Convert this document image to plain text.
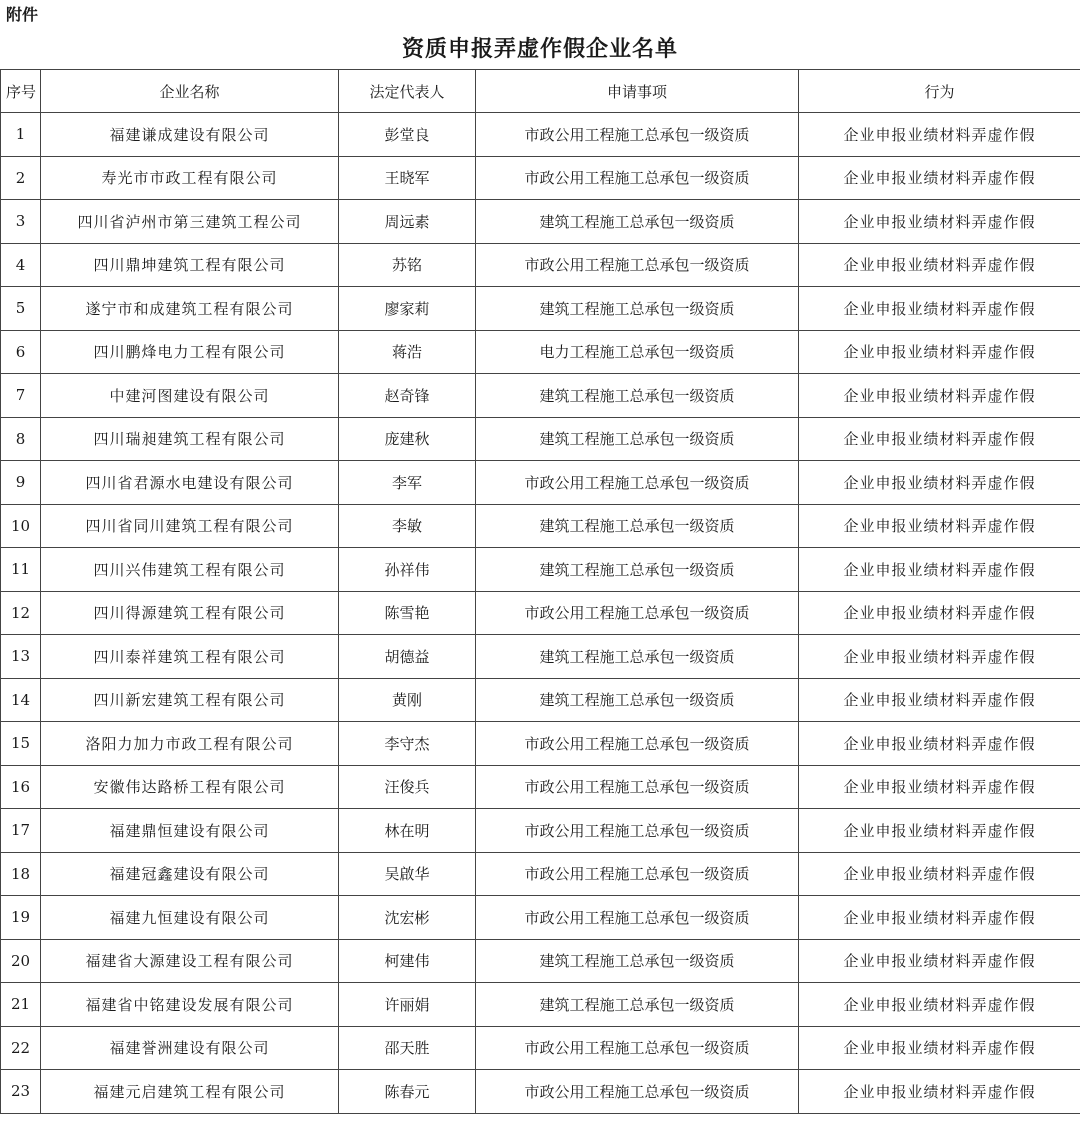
附件
资质申报弄虚作假企业名单
序号	企业名称	法定代表人	申请事项	行为
1	福建谦成建设有限公司	彭堂良	市政公用工程施工总承包一级资质	企业申报业绩材料弄虚作假
2	寿光市市政工程有限公司	王晓军	市政公用工程施工总承包一级资质	企业申报业绩材料弄虚作假
3	四川省泸州市第三建筑工程公司	周远素	建筑工程施工总承包一级资质	企业申报业绩材料弄虚作假
4	四川鼎坤建筑工程有限公司	苏铭	市政公用工程施工总承包一级资质	企业申报业绩材料弄虚作假
5	遂宁市和成建筑工程有限公司	廖家莉	建筑工程施工总承包一级资质	企业申报业绩材料弄虚作假
6	四川鹏烽电力工程有限公司	蒋浩	电力工程施工总承包一级资质	企业申报业绩材料弄虚作假
7	中建河图建设有限公司	赵奇锋	建筑工程施工总承包一级资质	企业申报业绩材料弄虚作假
8	四川瑞昶建筑工程有限公司	庞建秋	建筑工程施工总承包一级资质	企业申报业绩材料弄虚作假
9	四川省君源水电建设有限公司	李军	市政公用工程施工总承包一级资质	企业申报业绩材料弄虚作假
10	四川省同川建筑工程有限公司	李敏	建筑工程施工总承包一级资质	企业申报业绩材料弄虚作假
11	四川兴伟建筑工程有限公司	孙祥伟	建筑工程施工总承包一级资质	企业申报业绩材料弄虚作假
12	四川得源建筑工程有限公司	陈雪艳	市政公用工程施工总承包一级资质	企业申报业绩材料弄虚作假
13	四川泰祥建筑工程有限公司	胡德益	建筑工程施工总承包一级资质	企业申报业绩材料弄虚作假
14	四川新宏建筑工程有限公司	黄刚	建筑工程施工总承包一级资质	企业申报业绩材料弄虚作假
15	洛阳力加力市政工程有限公司	李守杰	市政公用工程施工总承包一级资质	企业申报业绩材料弄虚作假
16	安徽伟达路桥工程有限公司	汪俊兵	市政公用工程施工总承包一级资质	企业申报业绩材料弄虚作假
17	福建鼎恒建设有限公司	林在明	市政公用工程施工总承包一级资质	企业申报业绩材料弄虚作假
18	福建冠鑫建设有限公司	吴啟华	市政公用工程施工总承包一级资质	企业申报业绩材料弄虚作假
19	福建九恒建设有限公司	沈宏彬	市政公用工程施工总承包一级资质	企业申报业绩材料弄虚作假
20	福建省大源建设工程有限公司	柯建伟	建筑工程施工总承包一级资质	企业申报业绩材料弄虚作假
21	福建省中铭建设发展有限公司	许丽娟	建筑工程施工总承包一级资质	企业申报业绩材料弄虚作假
22	福建誉洲建设有限公司	邵天胜	市政公用工程施工总承包一级资质	企业申报业绩材料弄虚作假
23	福建元启建筑工程有限公司	陈春元	市政公用工程施工总承包一级资质	企业申报业绩材料弄虚作假
